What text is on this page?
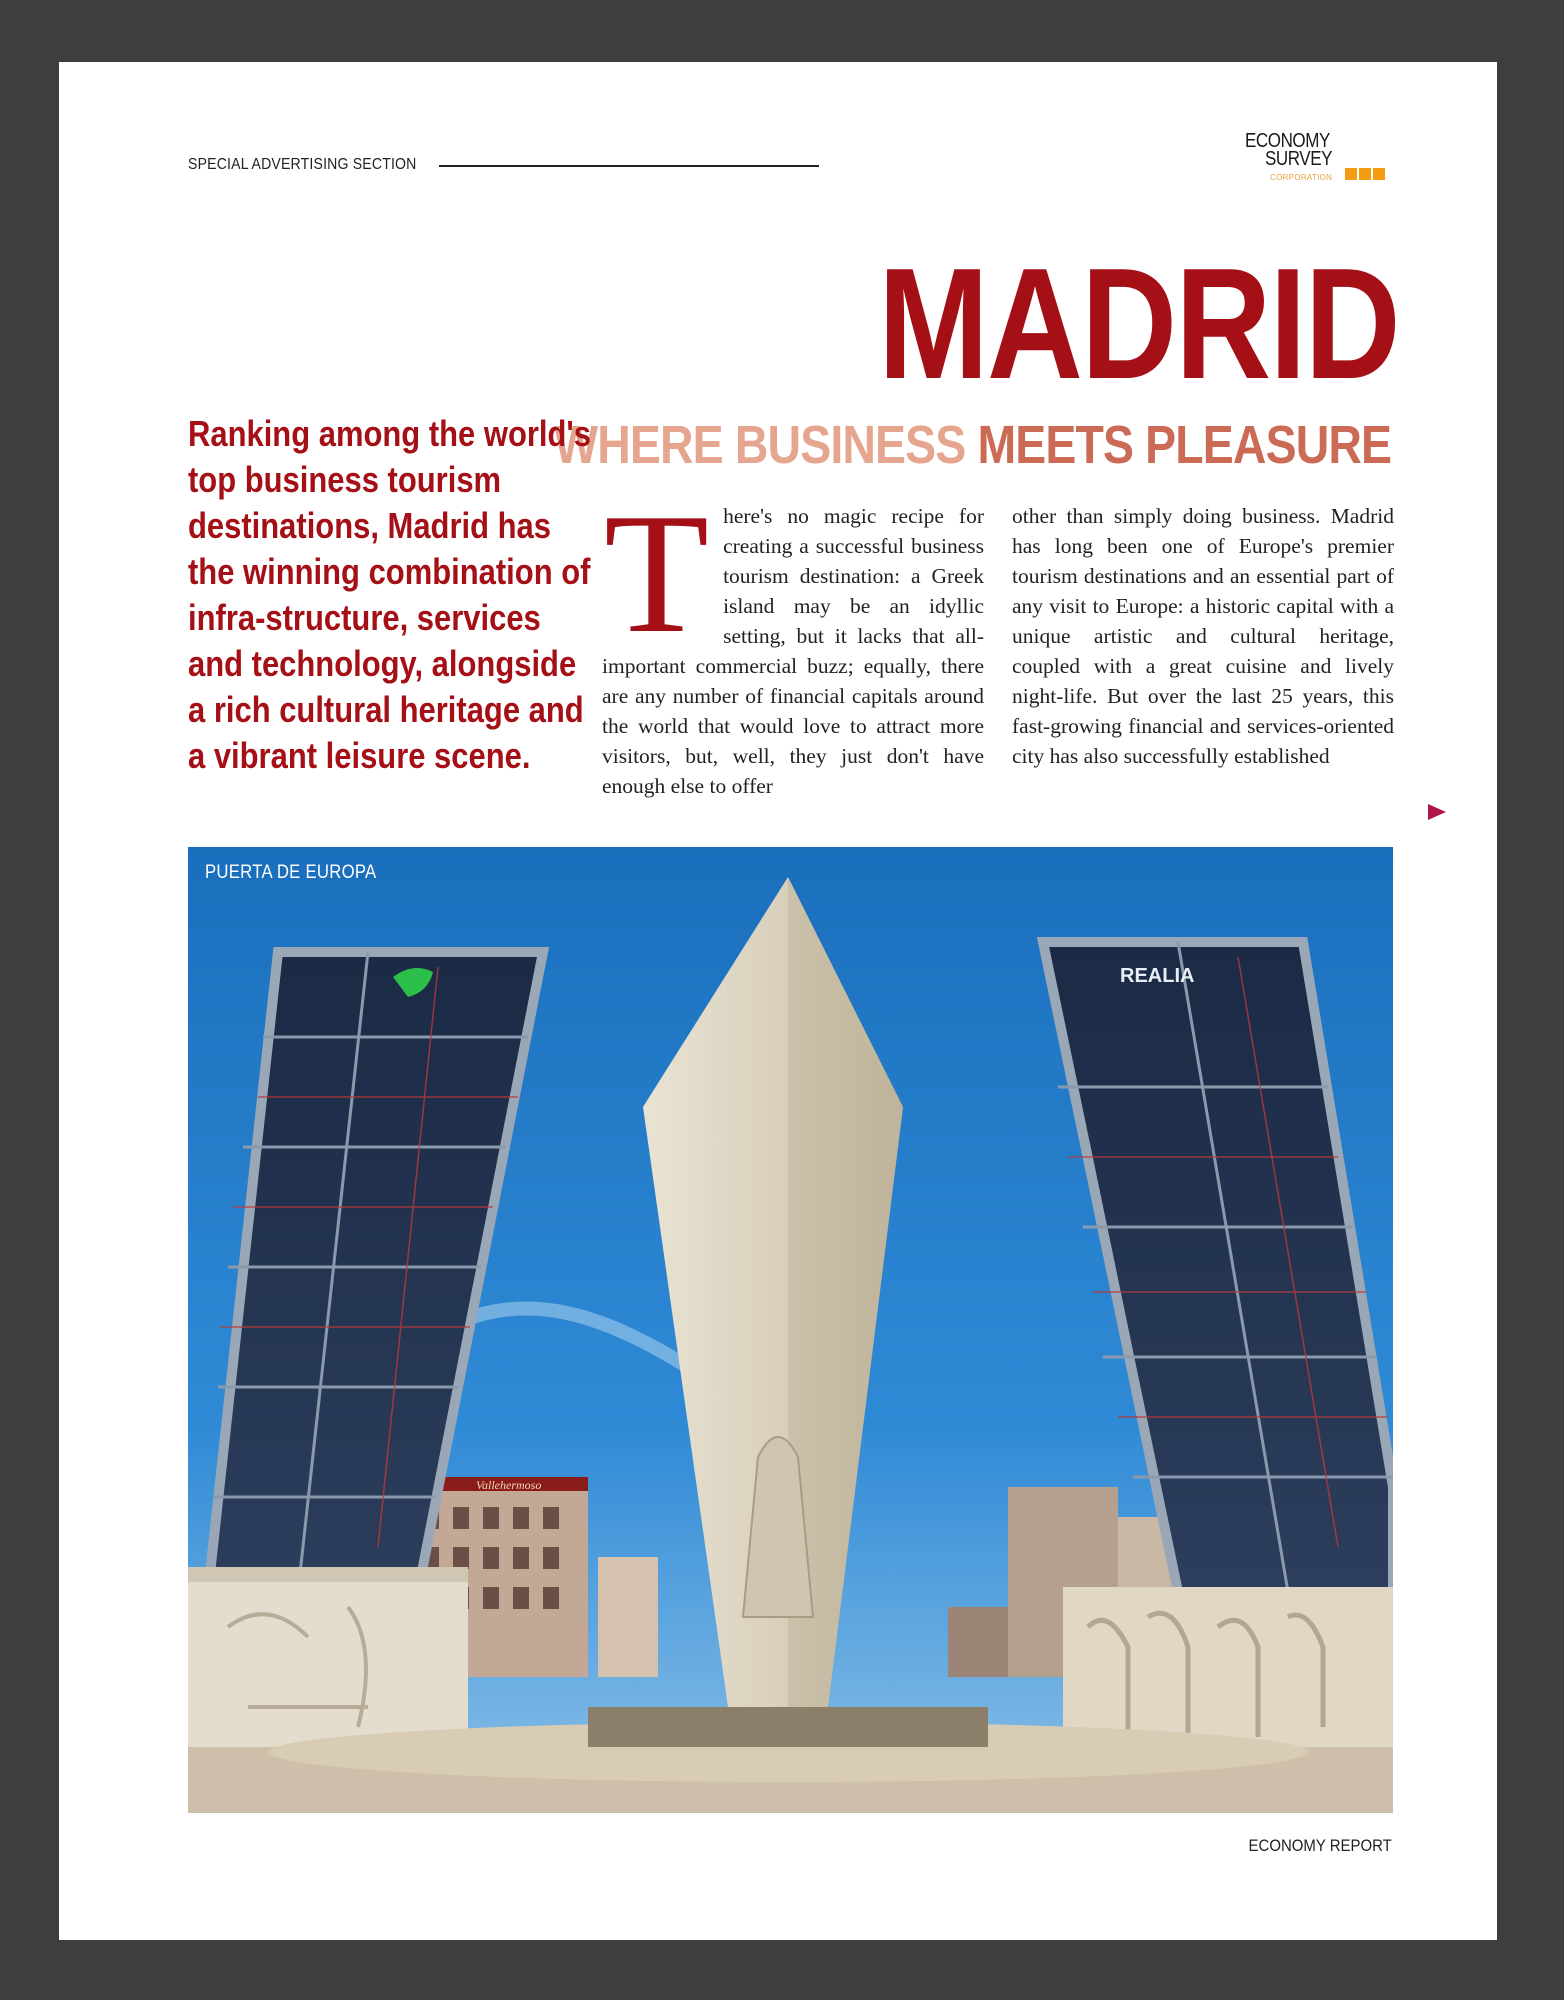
SPECIAL ADVERTISING SECTION
ECONOMY
SURVEY
CORPORATION
MADRID
WHERE BUSINESS MEETS PLEASURE
Ranking among the world's top business tourism destinations, Madrid has the winning combination of infra-structure, services and technology, alongside a rich cultural heritage and a vibrant leisure scene.
T here's no magic recipe for creating a successful business tourism destination: a Greek island may be an idyllic setting, but it lacks that all-important commercial buzz; equally, there are any number of financial capitals around the world that would love to attract more visitors, but, well, they just don't have enough else to offer
other than simply doing business. Madrid has long been one of Europe's premier tourism destinations and an essential part of any visit to Europe: a historic capital with a unique artistic and cultural heritage, coupled with a great cuisine and lively night-life. But over the last 25 years, this fast-growing financial and services-oriented city has also successfully established
Vallehermoso
REALIA
PUERTA DE EUROPA
ECONOMY REPORT
